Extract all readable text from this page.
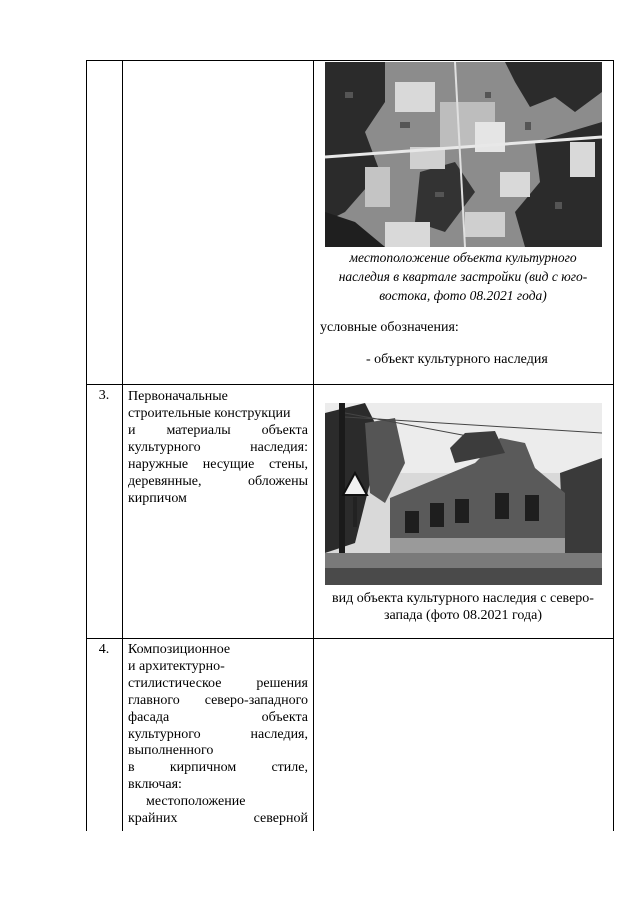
местоположение объекта культурного
наследия в квартале застройки (вид с юго-
востока, фото 08.2021 года)
условные обозначения:
- объект культурного наследия
3.	Первоначальные
строительные конструкции
и материалы объекта
культурного наследия:
наружные несущие стены,
деревянные, обложены
кирпичом
вид объекта культурного наследия с северо-
запада (фото 08.2021 года)
4.	Композиционное
и архитектурно-
стилистическое решения
главного северо-западного
фасада объекта
культурного наследия,
выполненного
в кирпичном стиле,
включая:
местоположение
крайних северной
